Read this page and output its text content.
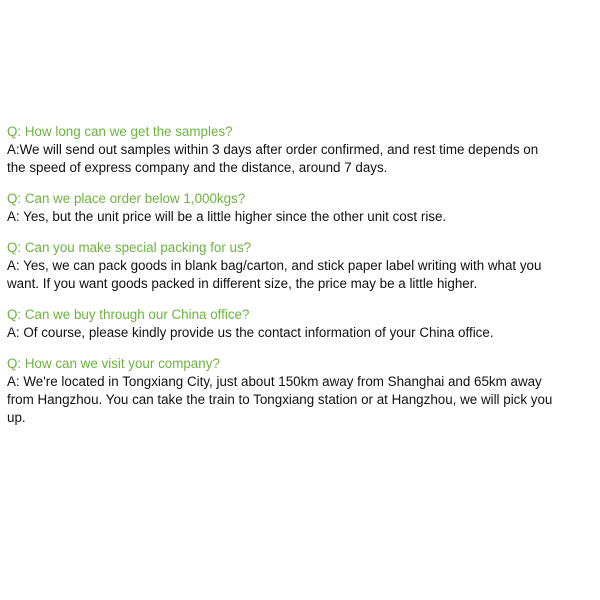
Q: How long can we get the samples?

A:We will send out samples within 3 days after order confirmed, and rest time depends on the speed of express company and the distance, around 7 days.

Q: Can we place order below 1,000kgs?

A: Yes, but the unit price will be a little higher since the other unit cost rise.

Q: Can you make special packing for us?

A: Yes, we can pack goods in blank bag/carton, and stick paper label writing with what you want. If you want goods packed in different size, the price may be a little higher.

Q: Can we buy through our China office?

A: Of course, please kindly provide us the contact information of your China office.

Q: How can we visit your company?

A: We're located in Tongxiang City, just about 150km away from Shanghai and 65km away from Hangzhou. You can take the train to Tongxiang station or at Hangzhou, we will pick you up.
